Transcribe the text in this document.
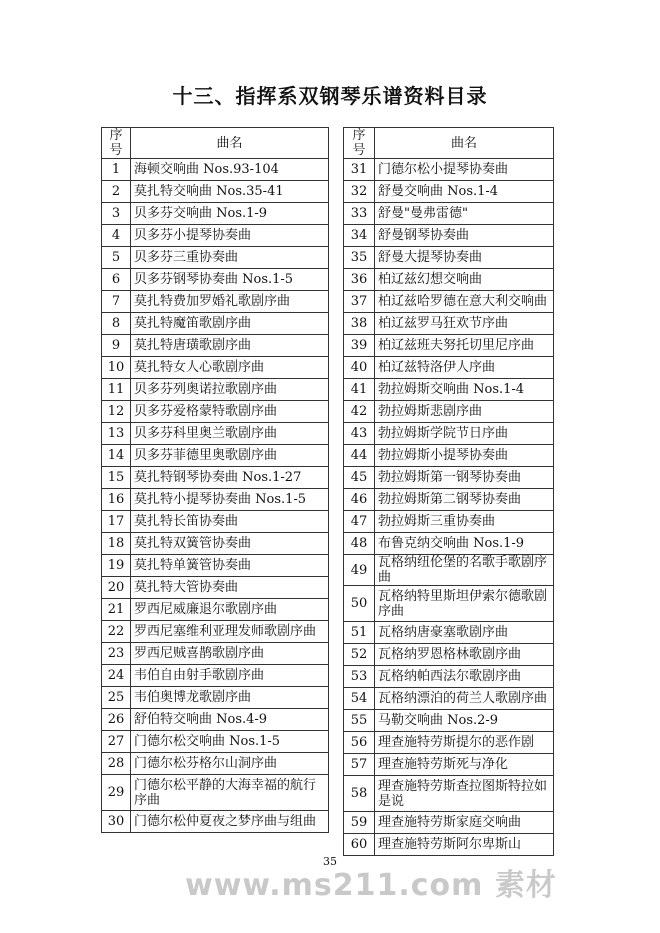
十三、指挥系双钢琴乐谱资料目录
序号	曲名
1	海顿交响曲 Nos.93-104
2	莫扎特交响曲 Nos.35-41
3	贝多芬交响曲 Nos.1-9
4	贝多芬小提琴协奏曲
5	贝多芬三重协奏曲
6	贝多芬钢琴协奏曲 Nos.1-5
7	莫扎特费加罗婚礼歌剧序曲
8	莫扎特魔笛歌剧序曲
9	莫扎特唐璜歌剧序曲
10	莫扎特女人心歌剧序曲
11	贝多芬列奥诺拉歌剧序曲
12	贝多芬爱格蒙特歌剧序曲
13	贝多芬科里奥兰歌剧序曲
14	贝多芬菲德里奥歌剧序曲
15	莫扎特钢琴协奏曲 Nos.1-27
16	莫扎特小提琴协奏曲 Nos.1-5
17	莫扎特长笛协奏曲
18	莫扎特双簧管协奏曲
19	莫扎特单簧管协奏曲
20	莫扎特大管协奏曲
21	罗西尼威廉退尔歌剧序曲
22	罗西尼塞维利亚理发师歌剧序曲
23	罗西尼贼喜鹊歌剧序曲
24	韦伯自由射手歌剧序曲
25	韦伯奥博龙歌剧序曲
26	舒伯特交响曲 Nos.4-9
27	门德尔松交响曲 Nos.1-5
28	门德尔松芬格尔山洞序曲
29	门德尔松平静的大海幸福的航行序曲
30	门德尔松仲夏夜之梦序曲与组曲
序号	曲名
31	门德尔松小提琴协奏曲
32	舒曼交响曲 Nos.1-4
33	舒曼"曼弗雷德"
34	舒曼钢琴协奏曲
35	舒曼大提琴协奏曲
36	柏辽兹幻想交响曲
37	柏辽兹哈罗德在意大利交响曲
38	柏辽兹罗马狂欢节序曲
39	柏辽兹班夫努托切里尼序曲
40	柏辽兹特洛伊人序曲
41	勃拉姆斯交响曲 Nos.1-4
42	勃拉姆斯悲剧序曲
43	勃拉姆斯学院节日序曲
44	勃拉姆斯小提琴协奏曲
45	勃拉姆斯第一钢琴协奏曲
46	勃拉姆斯第二钢琴协奏曲
47	勃拉姆斯三重协奏曲
48	布鲁克纳交响曲 Nos.1-9
49	瓦格纳纽伦堡的名歌手歌剧序曲
50	瓦格纳特里斯坦伊索尔德歌剧序曲
51	瓦格纳唐豪塞歌剧序曲
52	瓦格纳罗恩格林歌剧序曲
53	瓦格纳帕西法尔歌剧序曲
54	瓦格纳漂泊的荷兰人歌剧序曲
55	马勒交响曲 Nos.2-9
56	理查施特劳斯提尔的恶作剧
57	理查施特劳斯死与净化
58	理查施特劳斯查拉图斯特拉如是说
59	理查施特劳斯家庭交响曲
60	理查施特劳斯阿尔卑斯山
35
www.ms211.com 素材
